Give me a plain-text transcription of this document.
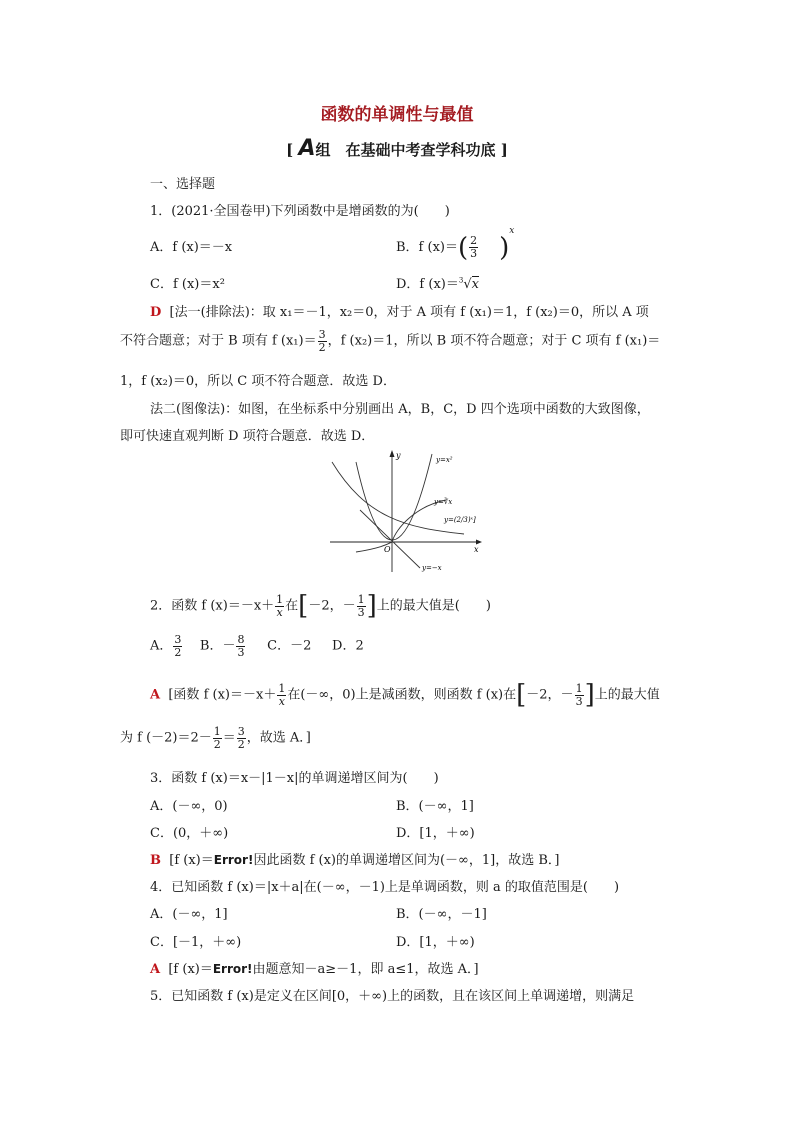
函数的单调性与最值
[ A组　在基础中考查学科功底 ]
一、选择题
1．(2021·全国卷甲)下列函数中是增函数的为(　　)
A．f (x)＝－x	B．f $(x)=( \frac{2}{3} )^x$
C．f (x)＝x²	D．f (x)＝$^3$√x
D [法一(排除法)：取 x₁＝－1，x₂＝0，对于 A 项有 f (x₁)＝1，f (x₂)＝0，所以 A 项
不符合题意；对于 B 项有 f $(x_1)= \frac{3}{2}$ ，f (x₂)＝1，所以 B 项不符合题意；对于 C 项有 f (x₁)＝
1，f (x₂)＝0，所以 C 项不符合题意．故选 D．
法二(图像法)：如图，在坐标系中分别画出 A，B，C，D 四个选项中函数的大致图像，
即可快速直观判断 D 项符合题意．故选 D．
y
x
O
y=x²
y=∛x
y=(2/3)ˣ]
y=−x
2．函数 f $(x)=-x+ \frac{1}{x}$ 在[－2，－ $\frac{1}{3}$ ]上的最大值是(　　)
A． $\frac{3}{2}$ B．－ $\frac{8}{3}$ C．－2 D．2
A [函数 f $(x)=-x+ \frac{1}{x}$ 在(－∞，0)上是减函数，则函数 f (x)在[－2，－ $\frac{1}{3}$ ]上的最大值
为 f $(-2)=2- \frac{1}{2} = \frac{3}{2}$ ，故选 A．]
3．函数 f (x)＝x－|1－x|的单调递增区间为(　　)
A．(－∞，0)	B．(－∞，1]
C．(0，＋∞)	D．[1，＋∞)
B [f (x)＝Error!因此函数 f (x)的单调递增区间为(－∞，1]，故选 B．]
4．已知函数 f (x)＝|x＋a|在(－∞，－1)上是单调函数，则 a 的取值范围是(　　)
A．(－∞，1]	B．(－∞，－1]
C．[－1，＋∞)	D．[1，＋∞)
A [f (x)＝Error!由题意知－a≥－1，即 a≤1，故选 A．]
5．已知函数 f (x)是定义在区间[0，＋∞)上的函数，且在该区间上单调递增，则满足
